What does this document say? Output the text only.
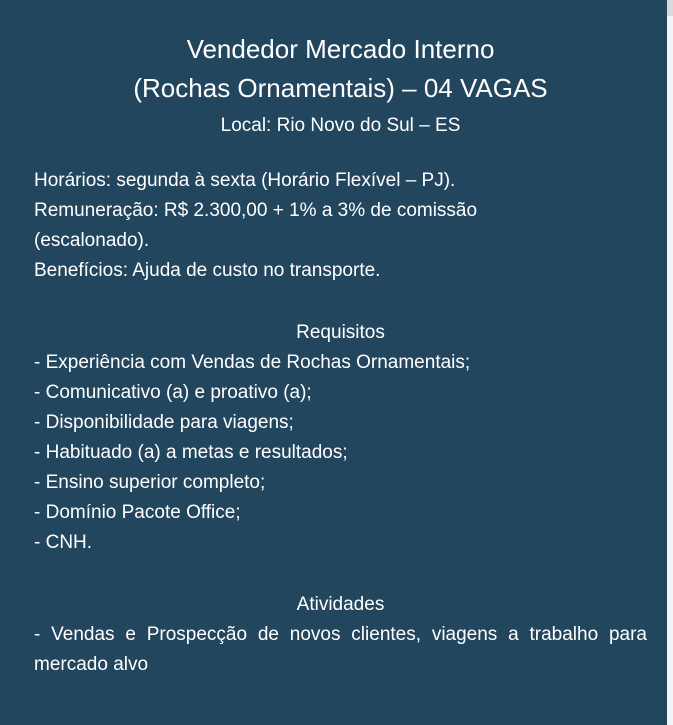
Vendedor Mercado Interno
(Rochas Ornamentais) – 04 VAGAS

Local: Rio Novo do Sul – ES

Horários: segunda à sexta (Horário Flexível – PJ).

Remuneração: R$ 2.300,00 + 1% a 3% de comissão

(escalonado).

Benefícios: Ajuda de custo no transporte.

Requisitos
- Experiência com Vendas de Rochas Ornamentais;
- Comunicativo (a) e proativo (a);
- Disponibilidade para viagens;
- Habituado (a) a metas e resultados;
- Ensino superior completo;
- Domínio Pacote Office;
- CNH.
Atividades

- Vendas e Prospecção de novos clientes, viagens a trabalho para mercado alvo
